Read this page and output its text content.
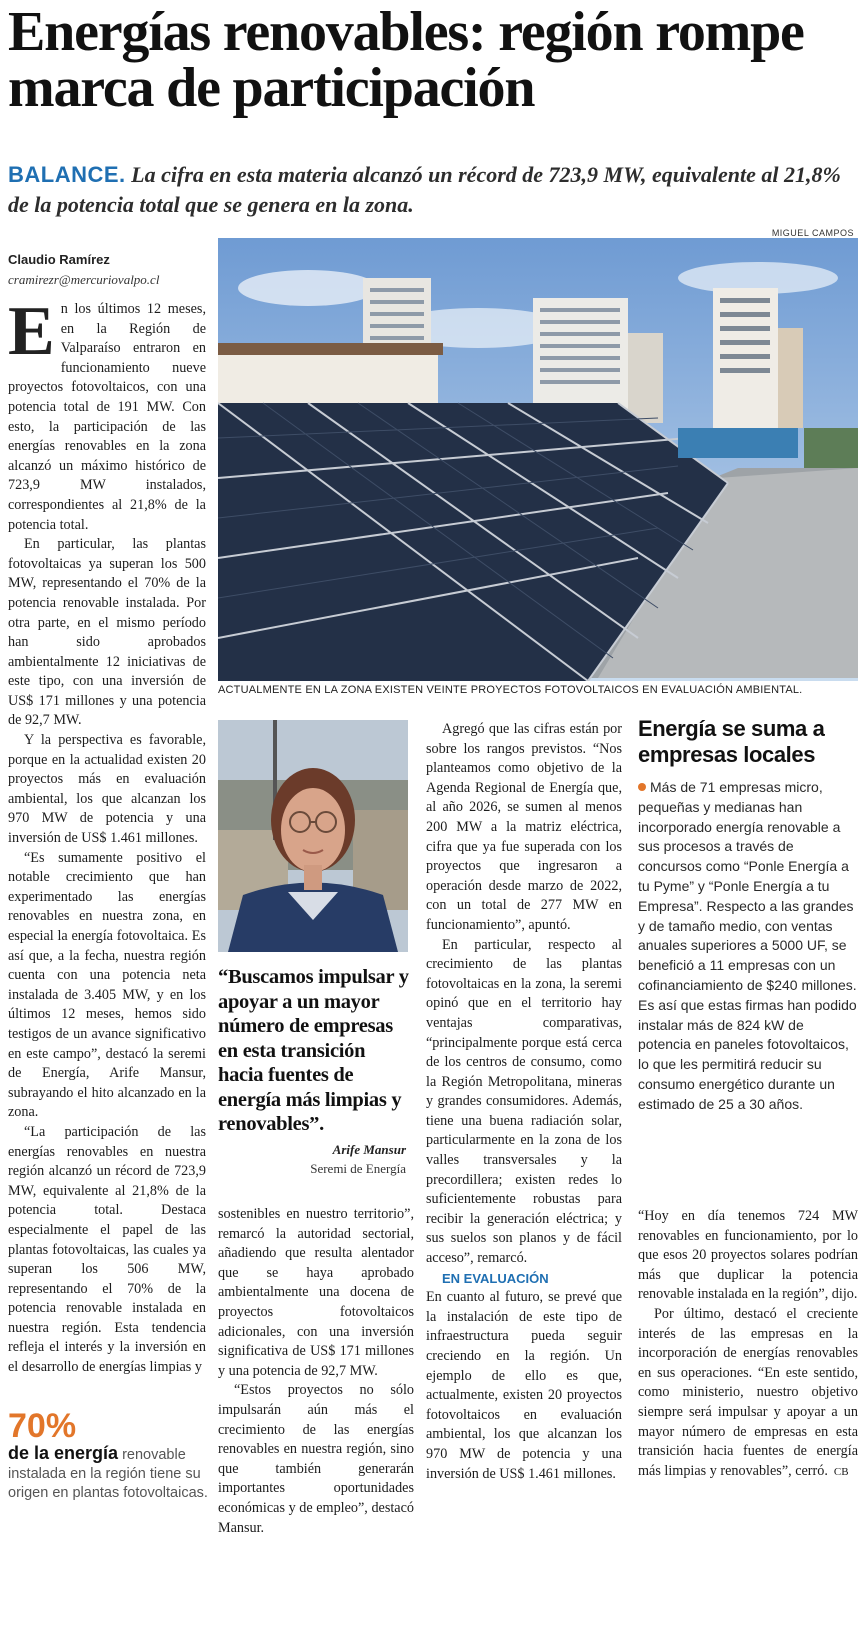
Energías renovables: región rompe marca de participación
BALANCE. La cifra en esta materia alcanzó un récord de 723,9 MW, equivalente al 21,8% de la potencia total que se genera en la zona.
Claudio Ramírez
cramirezr@mercuriovalpo.cl
E n los últimos 12 meses, en la Región de Valparaíso entraron en funcionamiento nueve proyectos fotovoltaicos, con una potencia total de 191 MW. Con esto, la participación de las energías renovables en la zona alcanzó un máximo histórico de 723,9 MW instalados, correspondientes al 21,8% de la potencia total.

En particular, las plantas fotovoltaicas ya superan los 500 MW, representando el 70% de la potencia renovable instalada. Por otra parte, en el mismo período han sido aprobados ambientalmente 12 iniciativas de este tipo, con una inversión de US$ 171 millones y una potencia de 92,7 MW.

Y la perspectiva es favorable, porque en la actualidad existen 20 proyectos más en evaluación ambiental, los que alcanzan los 970 MW de potencia y una inversión de US$ 1.461 millones.

“Es sumamente positivo el notable crecimiento que han experimentado las energías renovables en nuestra zona, en especial la energía fotovoltaica. Es así que, a la fecha, nuestra región cuenta con una potencia neta instalada de 3.405 MW, y en los últimos 12 meses, hemos sido testigos de un avance significativo en este campo”, destacó la seremi de Energía, Arife Mansur, subrayando el hito alcanzado en la zona.

“La participación de las energías renovables en nuestra región alcanzó un récord de 723,9 MW, equivalente al 21,8% de la potencia total. Destaca especialmente el papel de las plantas fotovoltaicas, las cuales ya superan los 506 MW, representando el 70% de la potencia renovable instalada en nuestra región. Esta tendencia refleja el interés y la inversión en el desarrollo de energías limpias y

70%
de la energía renovable instalada en la región tiene su origen en plantas fotovoltaicas.
MIGUEL CAMPOS
ACTUALMENTE EN LA ZONA EXISTEN VEINTE PROYECTOS FOTOVOLTAICOS EN EVALUACIÓN AMBIENTAL.
“Buscamos impulsar y apoyar a un mayor número de empresas en esta transición hacia fuentes de energía más limpias y renovables”.
Arife Mansur
Seremi de Energía

sostenibles en nuestro territorio”, remarcó la autoridad sectorial, añadiendo que resulta alentador que se haya aprobado ambientalmente una docena de proyectos fotovoltaicos adicionales, con una inversión significativa de US$ 171 millones y una potencia de 92,7 MW.

“Estos proyectos no sólo impulsarán aún más el crecimiento de las energías renovables en nuestra región, sino que también generarán importantes oportunidades económicas y de empleo”, destacó Mansur.

Agregó que las cifras están por sobre los rangos previstos. “Nos planteamos como objetivo de la Agenda Regional de Energía que, al año 2026, se sumen al menos 200 MW a la matriz eléctrica, cifra que ya fue superada con los proyectos que ingresaron a operación desde marzo de 2022, con un total de 277 MW en funcionamiento”, apuntó.

En particular, respecto al crecimiento de las plantas fotovoltaicas en la zona, la seremi opinó que en el territorio hay ventajas comparativas, “principalmente porque está cerca de los centros de consumo, como la Región Metropolitana, mineras y grandes consumidores. Además, tiene una buena radiación solar, particularmente en la zona de los valles transversales y la precordillera; existen redes lo suficientemente robustas para recibir la generación eléctrica; y sus suelos son planos y de fácil acceso”, remarcó.

EN EVALUACIÓN

En cuanto al futuro, se prevé que la instalación de este tipo de infraestructura pueda seguir creciendo en la región. Un ejemplo de ello es que, actualmente, existen 20 proyectos fotovoltaicos en evaluación ambiental, los que alcanzan los 970 MW de potencia y una inversión de US$ 1.461 millones.

Energía se suma a empresas locales
Más de 71 empresas micro, pequeñas y medianas han incorporado energía renovable a sus procesos a través de concursos como “Ponle Energía a tu Pyme” y “Ponle Energía a tu Empresa”. Respecto a las grandes y de tamaño medio, con ventas anuales superiores a 5000 UF, se benefició a 11 empresas con un cofinanciamiento de $240 millones. Es así que estas firmas han podido instalar más de 824 kW de potencia en paneles fotovoltaicos, lo que les permitirá reducir su consumo energético durante un estimado de 25 a 30 años.

“Hoy en día tenemos 724 MW renovables en funcionamiento, por lo que esos 20 proyectos solares podrían más que duplicar la potencia renovable instalada en la región”, dijo.

Por último, destacó el creciente interés de las empresas en la incorporación de energías renovables en sus operaciones. “En este sentido, como ministerio, nuestro objetivo siempre será impulsar y apoyar a un mayor número de empresas en esta transición hacia fuentes de energía más limpias y renovables”, cerró. CB
